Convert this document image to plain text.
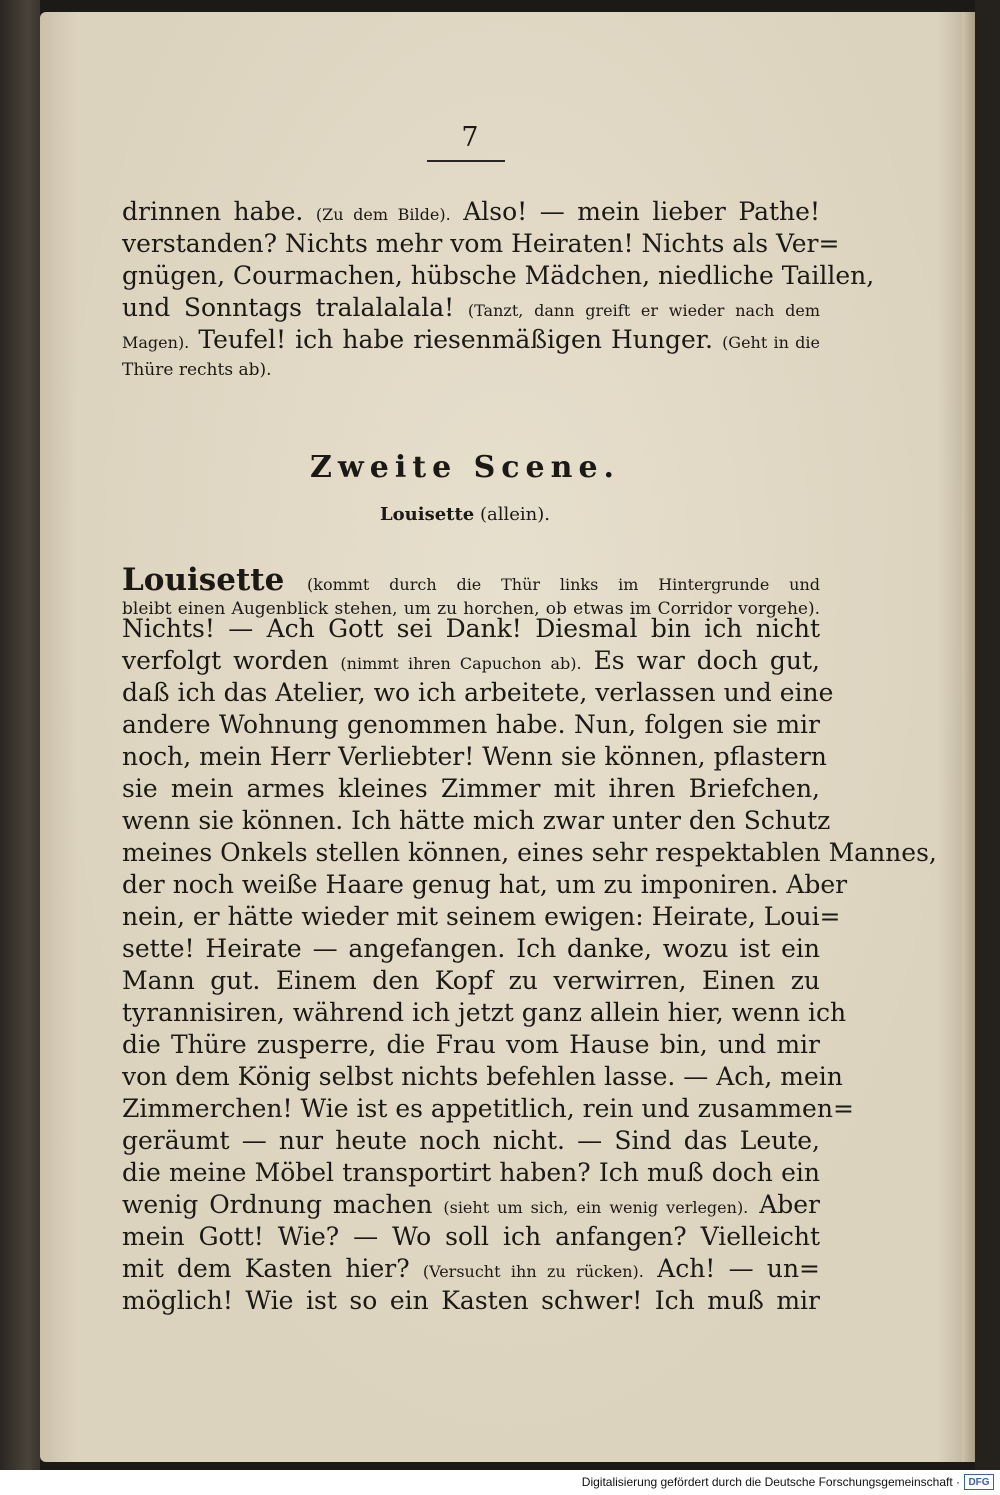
7
drinnen habe. (Zu dem Bilde). Also! — mein lieber Pathe!
verstanden? Nichts mehr vom Heiraten! Nichts als Ver=
gnügen, Courmachen, hübsche Mädchen, niedliche Taillen,
und Sonntags tralalalala! (Tanzt, dann greift er wieder nach dem
Magen). Teufel! ich habe riesenmäßigen Hunger. (Geht in die
Thüre rechts ab).
Zweite Scene.
Louisette (allein).
Louisette (kommt durch die Thür links im Hintergrunde und
bleibt einen Augenblick stehen, um zu horchen, ob etwas im Corridor vorgehe).
Nichts! — Ach Gott sei Dank! Diesmal bin ich nicht
verfolgt worden (nimmt ihren Capuchon ab). Es war doch gut,
daß ich das Atelier, wo ich arbeitete, verlassen und eine
andere Wohnung genommen habe. Nun, folgen sie mir
noch, mein Herr Verliebter! Wenn sie können, pflastern
sie mein armes kleines Zimmer mit ihren Briefchen,
wenn sie können. Ich hätte mich zwar unter den Schutz
meines Onkels stellen können, eines sehr respektablen Mannes,
der noch weiße Haare genug hat, um zu imponiren. Aber
nein, er hätte wieder mit seinem ewigen: Heirate, Loui=
sette! Heirate — angefangen. Ich danke, wozu ist ein
Mann gut. Einem den Kopf zu verwirren, Einen zu
tyrannisiren, während ich jetzt ganz allein hier, wenn ich
die Thüre zusperre, die Frau vom Hause bin, und mir
von dem König selbst nichts befehlen lasse. — Ach, mein
Zimmerchen! Wie ist es appetitlich, rein und zusammen=
geräumt — nur heute noch nicht. — Sind das Leute,
die meine Möbel transportirt haben? Ich muß doch ein
wenig Ordnung machen (sieht um sich, ein wenig verlegen). Aber
mein Gott! Wie? — Wo soll ich anfangen? Vielleicht
mit dem Kasten hier? (Versucht ihn zu rücken). Ach! — un=
möglich! Wie ist so ein Kasten schwer! Ich muß mir
Digitalisierung gefördert durch die Deutsche Forschungsgemeinschaft · DFG
